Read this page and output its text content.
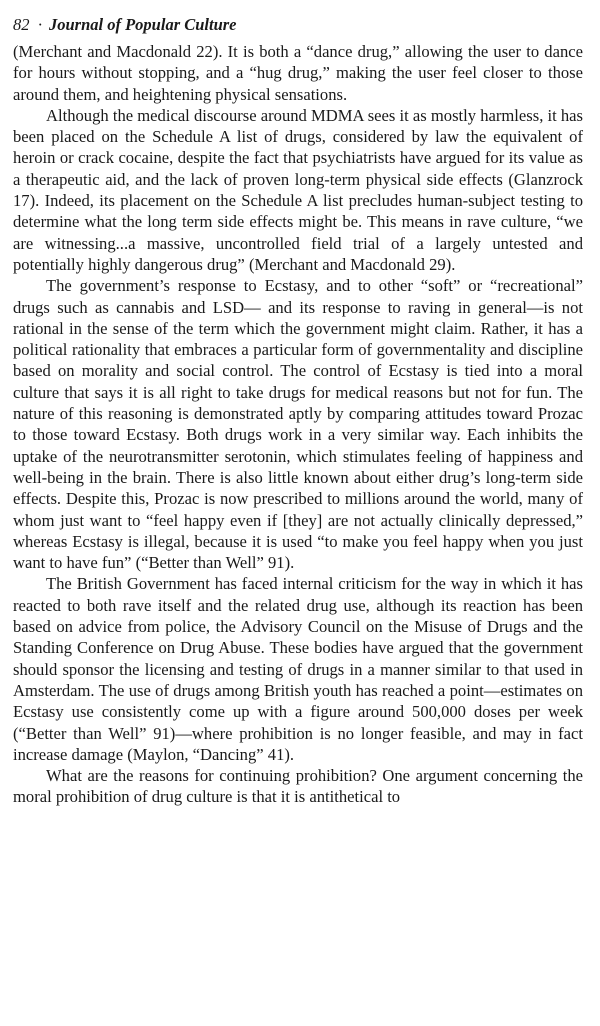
82 · Journal of Popular Culture

(Merchant and Macdonald 22). It is both a “dance drug,” allowing the user to dance for hours without stopping, and a “hug drug,” making the user feel closer to those around them, and heightening physical sensations.

Although the medical discourse around MDMA sees it as mostly harmless, it has been placed on the Schedule A list of drugs, considered by law the equivalent of heroin or crack cocaine, despite the fact that psychiatrists have argued for its value as a therapeutic aid, and the lack of proven long-term physical side effects (Glanzrock 17). Indeed, its placement on the Schedule A list precludes human-subject testing to determine what the long term side effects might be. This means in rave culture, “we are witnessing...a massive, uncontrolled field trial of a largely untested and potentially highly dangerous drug” (Merchant and Macdonald 29).

The government’s response to Ecstasy, and to other “soft” or “recreational” drugs such as cannabis and LSD— and its response to raving in general—is not rational in the sense of the term which the government might claim. Rather, it has a political rationality that embraces a particular form of governmentality and discipline based on morality and social control. The control of Ecstasy is tied into a moral culture that says it is all right to take drugs for medical reasons but not for fun. The nature of this reasoning is demonstrated aptly by comparing attitudes toward Prozac to those toward Ecstasy. Both drugs work in a very similar way. Each inhibits the uptake of the neurotransmitter serotonin, which stimulates feeling of happiness and well-being in the brain. There is also little known about either drug’s long-term side effects. Despite this, Prozac is now prescribed to millions around the world, many of whom just want to “feel happy even if [they] are not actually clinically depressed,” whereas Ecstasy is illegal, because it is used “to make you feel happy when you just want to have fun” (“Better than Well” 91).

The British Government has faced internal criticism for the way in which it has reacted to both rave itself and the related drug use, although its reaction has been based on advice from police, the Advisory Council on the Misuse of Drugs and the Standing Conference on Drug Abuse. These bodies have argued that the government should sponsor the licensing and testing of drugs in a manner similar to that used in Amsterdam. The use of drugs among British youth has reached a point—estimates on Ecstasy use consistently come up with a figure around 500,000 doses per week (“Better than Well” 91)—where prohibition is no longer feasible, and may in fact increase damage (Maylon, “Dancing” 41).

What are the reasons for continuing prohibition? One argument concerning the moral prohibition of drug culture is that it is antithetical to
